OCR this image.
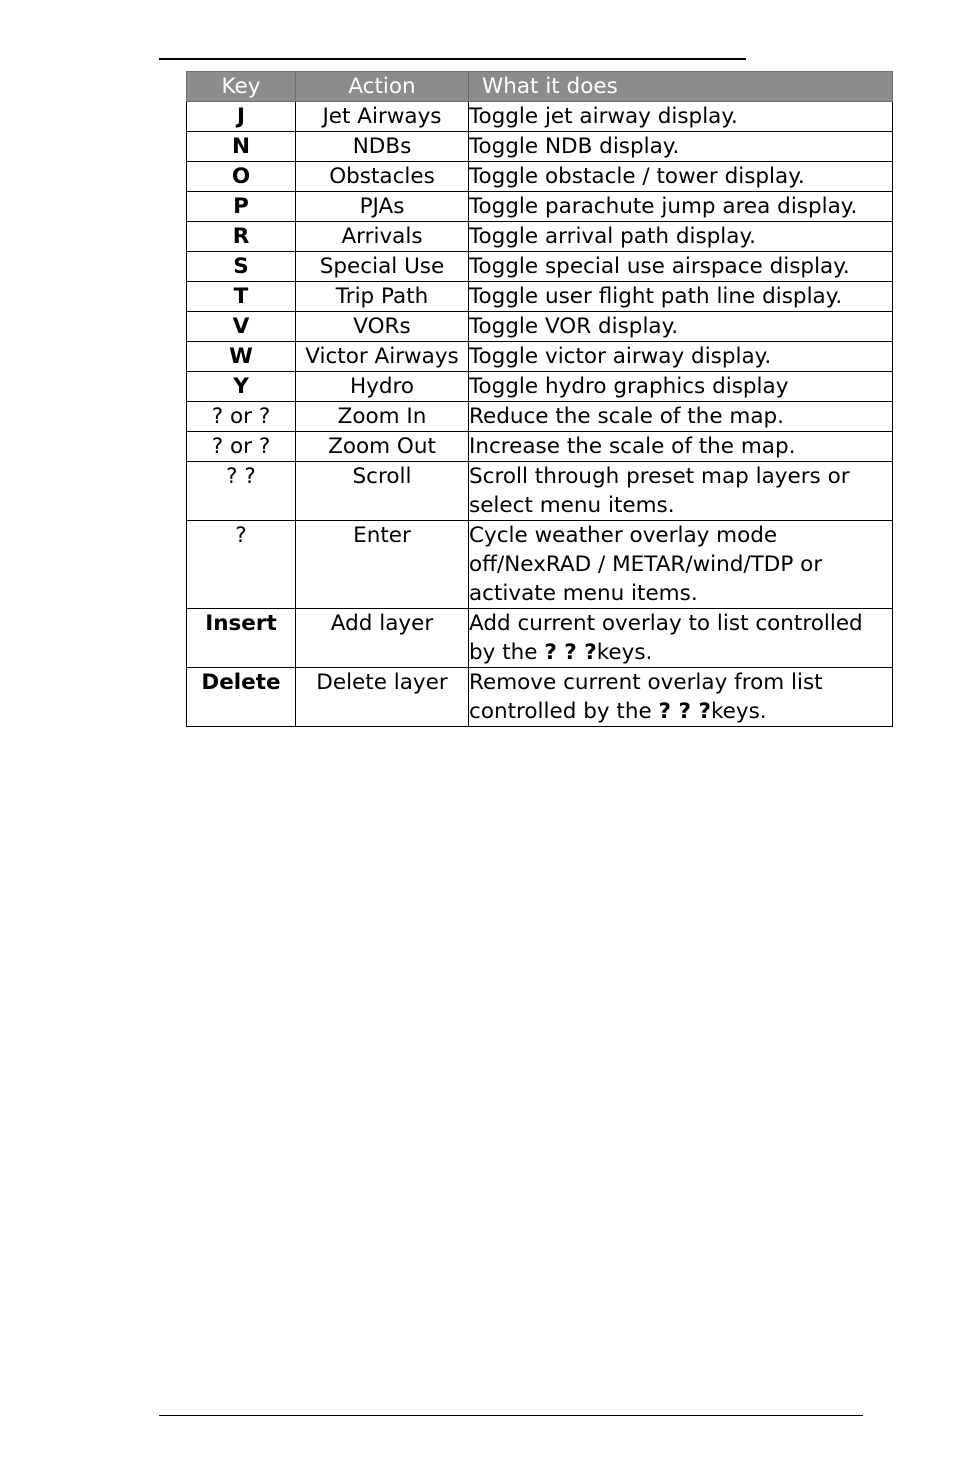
Key	Action	What it does
J	Jet Airways	Toggle jet airway display.
N	NDBs	Toggle NDB display.
O	Obstacles	Toggle obstacle / tower display.
P	PJAs	Toggle parachute jump area display.
R	Arrivals	Toggle arrival path display.
S	Special Use	Toggle special use airspace display.
T	Trip Path	Toggle user flight path line display.
V	VORs	Toggle VOR display.
W	Victor Airways	Toggle victor airway display.
Y	Hydro	Toggle hydro graphics display
? or ?	Zoom In	Reduce the scale of the map.
? or ?	Zoom Out	Increase the scale of the map.
? ?	Scroll	Scroll through preset map layers or select menu items.
?	Enter	Cycle weather overlay mode off/NexRAD / METAR/wind/TDP or activate menu items.
Insert	Add layer	Add current overlay to list controlled by the ? ? ?keys.
Delete	Delete layer	Remove current overlay from list controlled by the ? ? ?keys.
